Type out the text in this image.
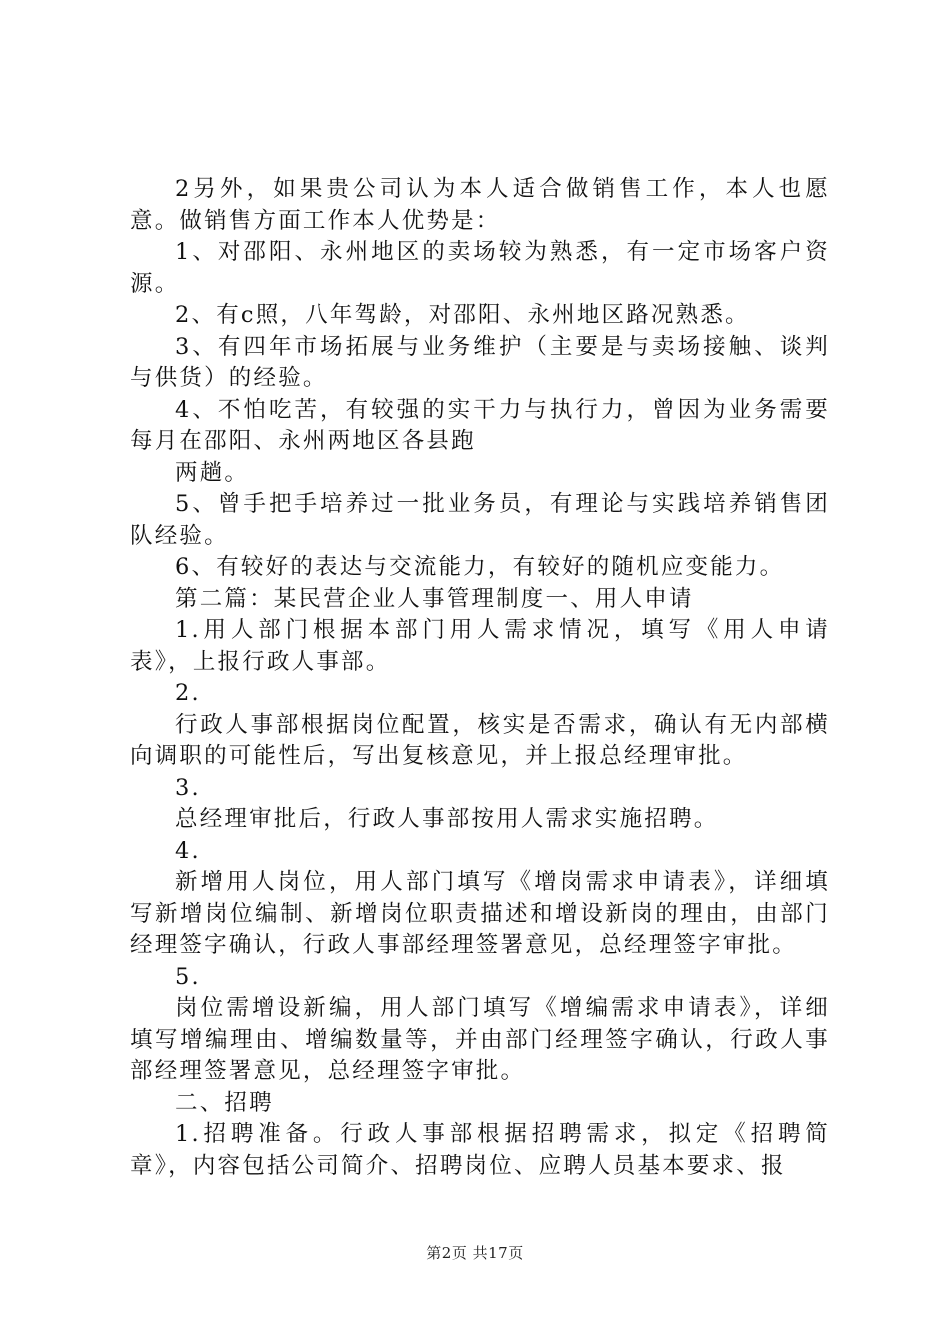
2另外，如果贵公司认为本人适合做销售工作，本人也愿意。做销售方面工作本人优势是：

1、对邵阳、永州地区的卖场较为熟悉，有一定市场客户资源。

2、有c照，八年驾龄，对邵阳、永州地区路况熟悉。

3、有四年市场拓展与业务维护（主要是与卖场接触、谈判与供货）的经验。

4、不怕吃苦，有较强的实干力与执行力，曾因为业务需要每月在邵阳、永州两地区各县跑

两趟。

5、曾手把手培养过一批业务员，有理论与实践培养销售团队经验。

6、有较好的表达与交流能力，有较好的随机应变能力。

第二篇：某民营企业人事管理制度一、用人申请

1.用人部门根据本部门用人需求情况，填写《用人申请表》，上报行政人事部。

2.

行政人事部根据岗位配置，核实是否需求，确认有无内部横向调职的可能性后，写出复核意见，并上报总经理审批。

3.

总经理审批后，行政人事部按用人需求实施招聘。

4.

新增用人岗位，用人部门填写《增岗需求申请表》，详细填写新增岗位编制、新增岗位职责描述和增设新岗的理由，由部门经理签字确认，行政人事部经理签署意见，总经理签字审批。

5.

岗位需增设新编，用人部门填写《增编需求申请表》，详细填写增编理由、增编数量等，并由部门经理签字确认，行政人事部经理签署意见，总经理签字审批。

二、招聘

1.招聘准备。行政人事部根据招聘需求，拟定《招聘简章》，内容包括公司简介、招聘岗位、应聘人员基本要求、报

第2页 共17页
